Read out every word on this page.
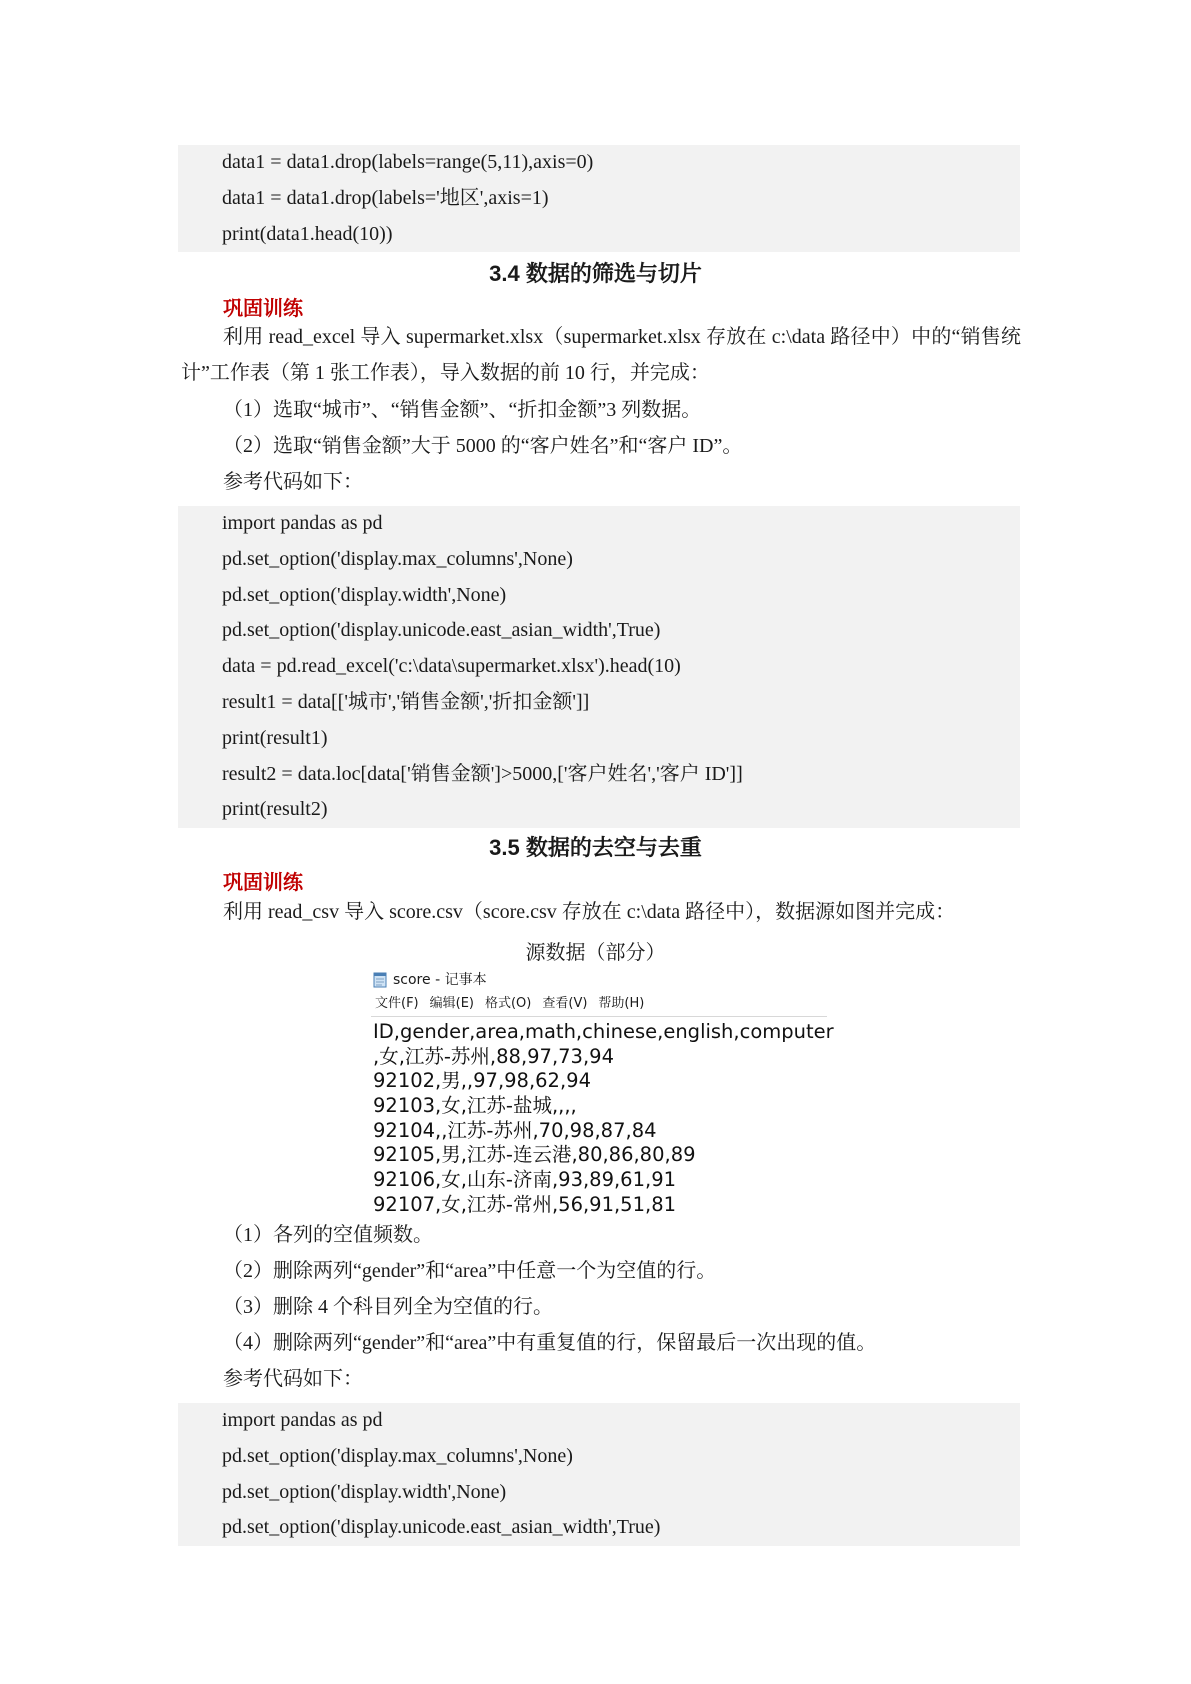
data1 = data1.drop(labels=range(5,11),axis=0)
data1 = data1.drop(labels='地区',axis=1)
print(data1.head(10))
3.4 数据的筛选与切片
巩固训练
利用 read_excel 导入 supermarket.xlsx（supermarket.xlsx 存放在 c:\data 路径中）中的“销售统计”工作表（第 1 张工作表），导入数据的前 10 行，并完成：
（1）选取“城市”、“销售金额”、“折扣金额”3 列数据。
（2）选取“销售金额”大于 5000 的“客户姓名”和“客户 ID”。
参考代码如下：
import pandas as pd
pd.set_option('display.max_columns',None)
pd.set_option('display.width',None)
pd.set_option('display.unicode.east_asian_width',True)
data = pd.read_excel('c:\data\supermarket.xlsx').head(10)
result1 = data[['城市','销售金额','折扣金额']]
print(result1)
result2 = data.loc[data['销售金额']>5000,['客户姓名','客户 ID']]
print(result2)
3.5 数据的去空与去重
巩固训练
利用 read_csv 导入 score.csv（score.csv 存放在 c:\data 路径中），数据源如图并完成：
源数据（部分）
score - 记事本
文件(F) 编辑(E) 格式(O) 查看(V) 帮助(H)
ID,gender,area,math,chinese,english,computer
,女,江苏-苏州,88,97,73,94
92102,男,,97,98,62,94
92103,女,江苏-盐城,,,,
92104,,江苏-苏州,70,98,87,84
92105,男,江苏-连云港,80,86,80,89
92106,女,山东-济南,93,89,61,91
92107,女,江苏-常州,56,91,51,81
（1）各列的空值频数。
（2）删除两列“gender”和“area”中任意一个为空值的行。
（3）删除 4 个科目列全为空值的行。
（4）删除两列“gender”和“area”中有重复值的行，保留最后一次出现的值。
参考代码如下：
import pandas as pd
pd.set_option('display.max_columns',None)
pd.set_option('display.width',None)
pd.set_option('display.unicode.east_asian_width',True)
